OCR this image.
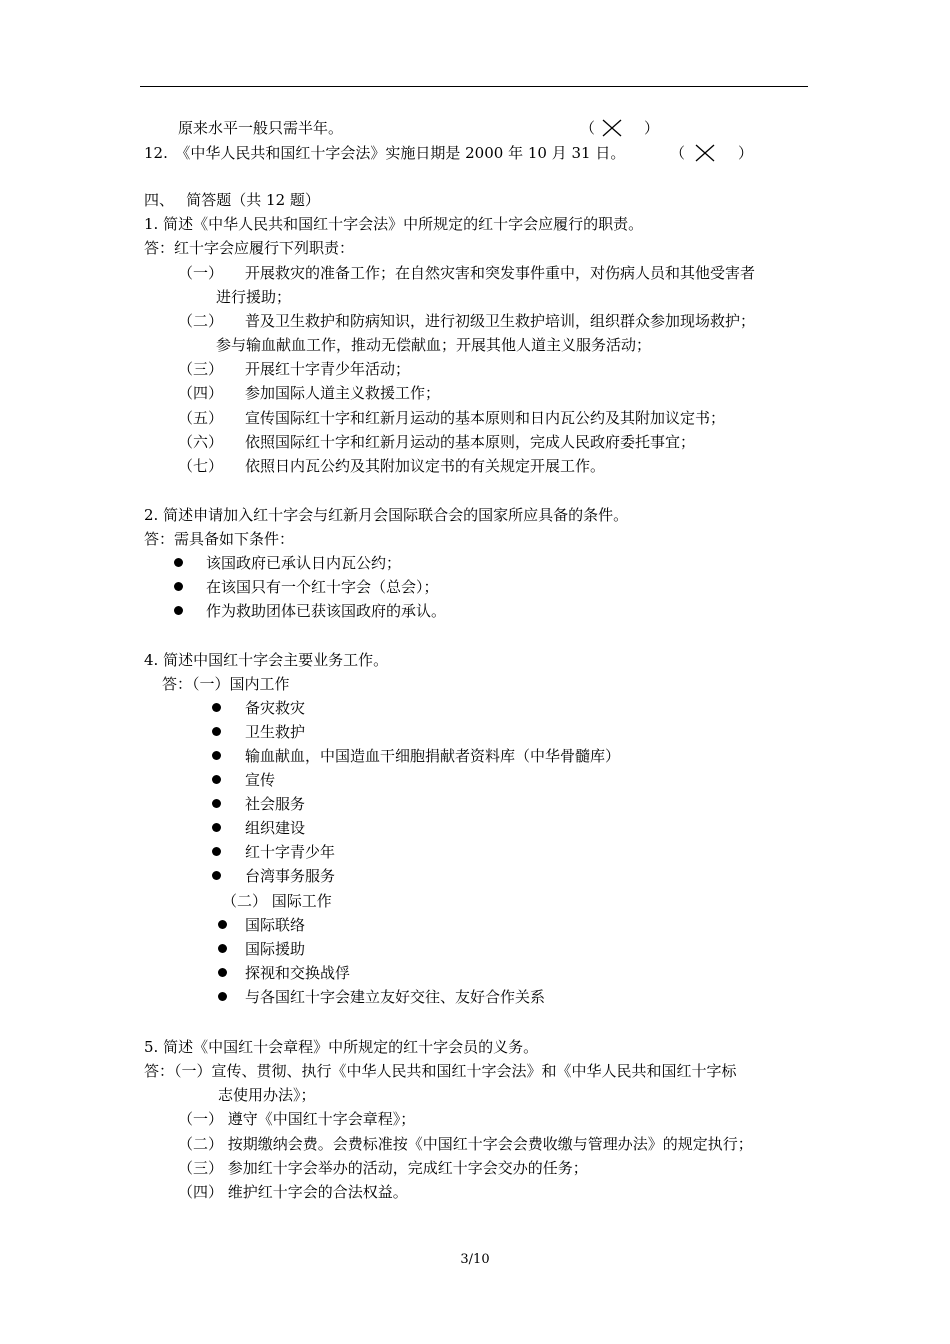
原来水平一般只需半年。	（	）
12.　《中华人民共和国红十字会法》实施日期是 2000 年 10 月 31 日。	（	）
四、　 简答题（共 12 题）
1. 简述《中华人民共和国红十字会法》中所规定的红十字会应履行的职责。
答：红十字会应履行下列职责：
（一） 开展救灾的准备工作；在自然灾害和突发事件重中，对伤病人员和其他受害者
进行援助；
（二） 普及卫生救护和防病知识，进行初级卫生救护培训，组织群众参加现场救护；
参与输血献血工作，推动无偿献血；开展其他人道主义服务活动；
（三） 开展红十字青少年活动；
（四） 参加国际人道主义救援工作；
（五） 宣传国际红十字和红新月运动的基本原则和日内瓦公约及其附加议定书；
（六） 依照国际红十字和红新月运动的基本原则，完成人民政府委托事宜；
（七） 依照日内瓦公约及其附加议定书的有关规定开展工作。
2. 简述申请加入红十字会与红新月会国际联合会的国家所应具备的条件。
答：需具备如下条件：
该国政府已承认日内瓦公约；
在该国只有一个红十字会（总会）；
作为救助团体已获该国政府的承认。
4. 简述中国红十字会主要业务工作。
答：（一）国内工作
备灾救灾
卫生救护
输血献血，中国造血干细胞捐献者资料库（中华骨髓库）
宣传
社会服务
组织建设
红十字青少年
台湾事务服务
（二） 国际工作
国际联络
国际援助
探视和交换战俘
与各国红十字会建立友好交往、友好合作关系
5. 简述《中国红十会章程》中所规定的红十字会员的义务。
答：（一）宣传、贯彻、执行《中华人民共和国红十字会法》和《中华人民共和国红十字标
志使用办法》；
（一） 遵守《中国红十字会章程》；
（二） 按期缴纳会费。会费标准按《中国红十字会会费收缴与管理办法》的规定执行；
（三） 参加红十字会举办的活动，完成红十字会交办的任务；
（四） 维护红十字会的合法权益。
3/10
